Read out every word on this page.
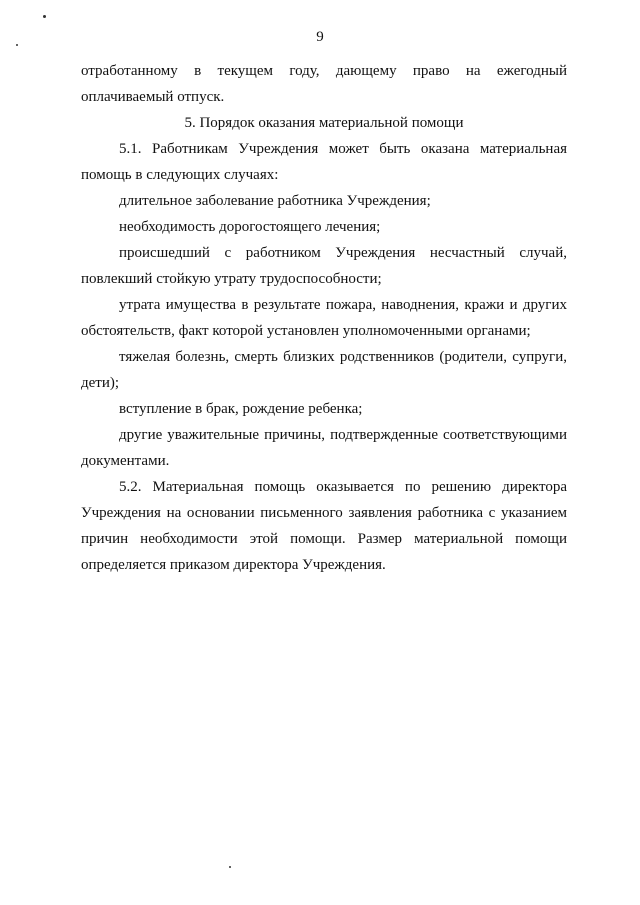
9

отработанному в текущем году, дающему право на ежегодный оплачиваемый отпуск.

5. Порядок оказания материальной помощи

5.1. Работникам Учреждения может быть оказана материальная помощь в следующих случаях:

длительное заболевание работника Учреждения;

необходимость дорогостоящего лечения;

происшедший с работником Учреждения несчастный случай, повлекший стойкую утрату трудоспособности;

утрата имущества в результате пожара, наводнения, кражи и других обстоятельств, факт которой установлен уполномоченными органами;

тяжелая болезнь, смерть близких родственников (родители, супруги, дети);

вступление в брак, рождение ребенка;

другие уважительные причины, подтвержденные соответствующими документами.

5.2. Материальная помощь оказывается по решению директора Учреждения на основании письменного заявления работника с указанием причин необходимости этой помощи. Размер материальной помощи определяется приказом директора Учреждения.
